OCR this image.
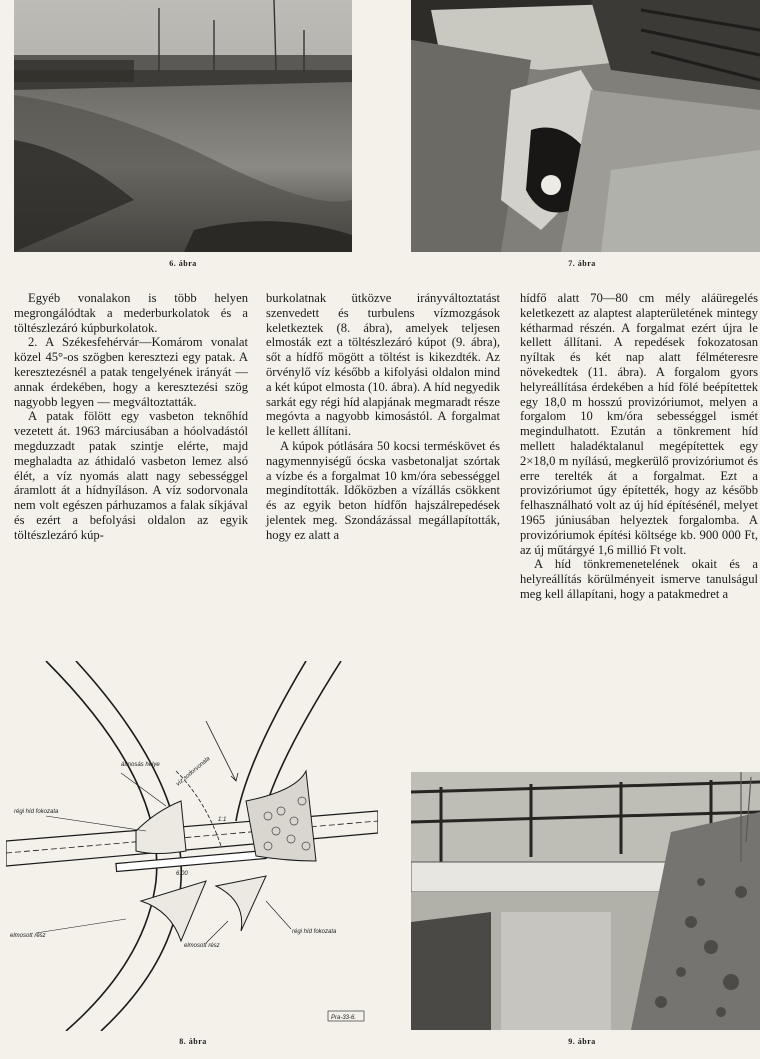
6. ábra	7. ábra

Egyéb vonalakon is több helyen megrongálódtak a mederburkolatok és a töltészlezáró kúpburkolatok.

2. A Székesfehérvár—Komárom vonalat közel 45°-os szögben keresztezi egy patak. A keresztezésnél a patak tengelyének irányát — annak érdekében, hogy a keresztezési szög nagyobb legyen — megváltoztatták.

A patak fölött egy vasbeton teknőhíd vezetett át. 1963 márciusában a hóolvadástól megduzzadt patak szintje elérte, majd meghaladta az áthidaló vasbeton lemez alsó élét, a víz nyomás alatt nagy sebességgel áramlott át a hídnyíláson. A víz sodorvonala nem volt egészen párhuzamos a falak síkjával és ezért a befolyási oldalon az egyik töltészlezáró kúp-

burkolatnak ütközve irányváltoztatást szenvedett és turbulens vízmozgások keletkeztek (8. ábra), amelyek teljesen elmosták ezt a töltészlezáró kúpot (9. ábra), sőt a hídfő mögött a töltést is kikezdték. Az örvénylő víz később a kifolyási oldalon mind a két kúpot elmosta (10. ábra). A híd negyedik sarkát egy régi híd alapjának megmaradt része megóvta a nagyobb kimosástól. A forgalmat le kellett állítani.

A kúpok pótlására 50 kocsi terméskövet és nagymennyiségű ócska vasbetonaljat szórtak a vízbe és a forgalmat 10 km/óra sebességgel megindították. Időközben a vízállás csökkent és az egyik beton hídfőn hajszálrepedések jelentek meg. Szondázással megállapították, hogy ez alatt a

hídfő alatt 70—80 cm mély aláüregelés keletkezett az alaptest alapterületének mintegy kétharmad részén. A forgalmat ezért újra le kellett állítani. A repedések fokozatosan nyíltak és két nap alatt félméteresre növekedtek (11. ábra). A forgalom gyors helyreállítása érdekében a híd fölé beépítettek egy 18,0 m hosszú provizóriumot, melyen a forgalom 10 km/óra sebességgel ismét megindulhatott. Ezután a tönkrement híd mellett haladéktalanul megépítettek egy 2×18,0 m nyílású, megkerülő provizóriumot és erre terelték át a forgalmat. Ezt a provizóriumot úgy építették, hogy az később felhasználható volt az új híd építésénél, melyet 1965 júniusában helyeztek forgalomba. A provizóriumok építési költsége kb. 900 000 Ft, az új műtárgyé 1,6 millió Ft volt.

A híd tönkremenetelének okait és a helyreállítás körülményeit ismerve tanulságul meg kell állapítani, hogy a patakmedret a

átmosás helye
régi híd fokozata
víz sodorvonala
elmosott rész
elmosott rész
régi híd fokozata
6.00
1:1
Pra-33-6.
8. ábra	9. ábra
